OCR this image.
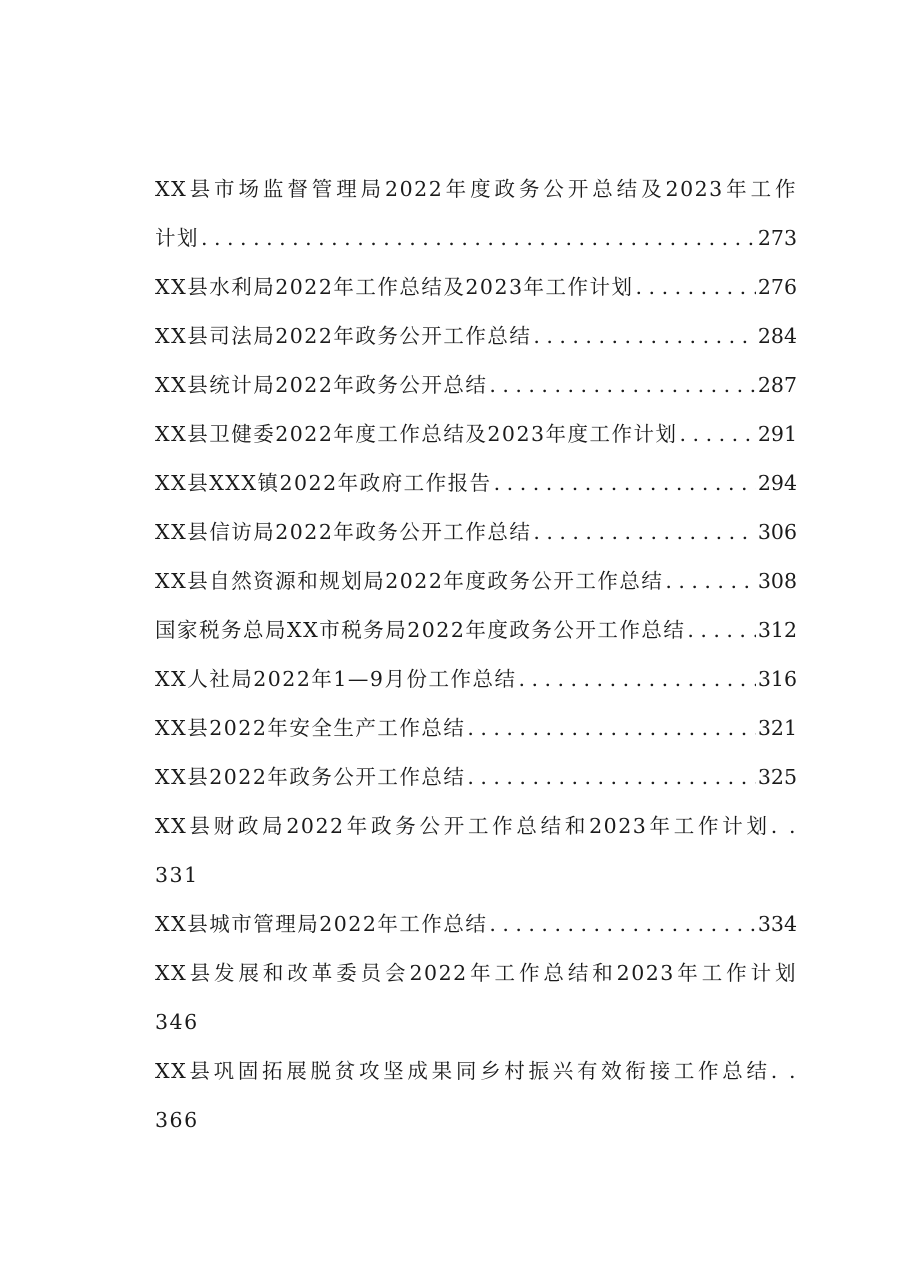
XX县市场监督管理局2022年度政务公开总结及2023年工作
计划 .....	273
XX县水利局2022年工作总结及2023年工作计划 .....	276
XX县司法局2022年政务公开工作总结 .....	284
XX县统计局2022年政务公开总结 .....	287
XX县卫健委2022年度工作总结及2023年度工作计划 .....	291
XX县XXX镇2022年政府工作报告 .....	294
XX县信访局2022年政务公开工作总结 .....	306
XX县自然资源和规划局2022年度政务公开工作总结 .....	308
国家税务总局XX市税务局2022年度政务公开工作总结 .....	312
XX人社局2022年1—9月份工作总结 .....	316
XX县2022年安全生产工作总结 .....	321
XX县2022年政务公开工作总结 .....	325
XX县财政局2022年政务公开工作总结和2023年工作计划. .
331
XX县城市管理局2022年工作总结 .....	334
XX县发展和改革委员会2022年工作总结和2023年工作计划
346
XX县巩固拓展脱贫攻坚成果同乡村振兴有效衔接工作总结. .
366
